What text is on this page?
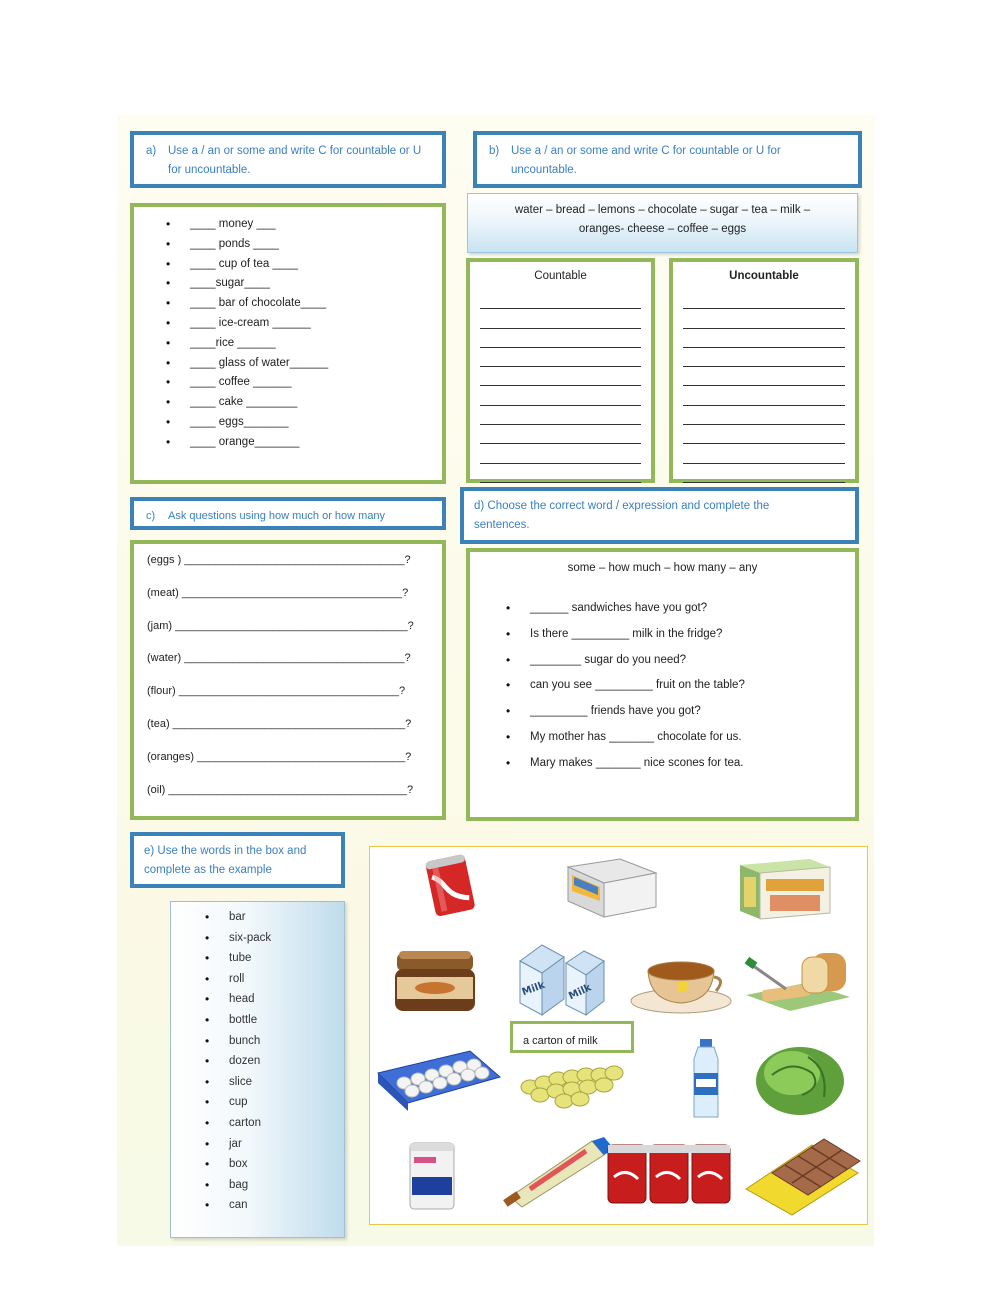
a) Use a / an or some and write C for countable or U for uncountable.
• ____ money ___
• ____ ponds ____
• ____ cup of tea ____
• ____sugar____
• ____ bar of chocolate____
• ____ ice-cream ______
• ____rice ______
• ____ glass of water______
• ____ coffee ______
• ____ cake ________
• ____ eggs_______
• ____ orange_______
b) Use a / an or some and write C for countable or U for uncountable.
water – bread – lemons – chocolate – sugar – tea – milk –
oranges- cheese – coffee – eggs
Countable	Uncountable
c) Ask questions using how much or how many
(eggs ) ____________________________________?
(meat) ____________________________________?
(jam) ______________________________________?
(water) ____________________________________?
(flour) ____________________________________?
(tea) ______________________________________?
(oranges) __________________________________?
(oil) _______________________________________?
d) Choose the correct word / expression and complete the sentences.
some – how much – how many – any
• ______ sandwiches have you got?
• Is there _________ milk in the fridge?
• ________ sugar do you need?
• can you see _________ fruit on the table?
• _________ friends have you got?
• My mother has _______ chocolate for us.
• Mary makes _______ nice scones for tea.
e) Use the words in the box and complete as the example
• bar
• six-pack
• tube
• roll
• head
• bottle
• bunch
• dozen
• slice
• cup
• carton
• jar
• box
• bag
• can
Milk Milk
a carton of milk
